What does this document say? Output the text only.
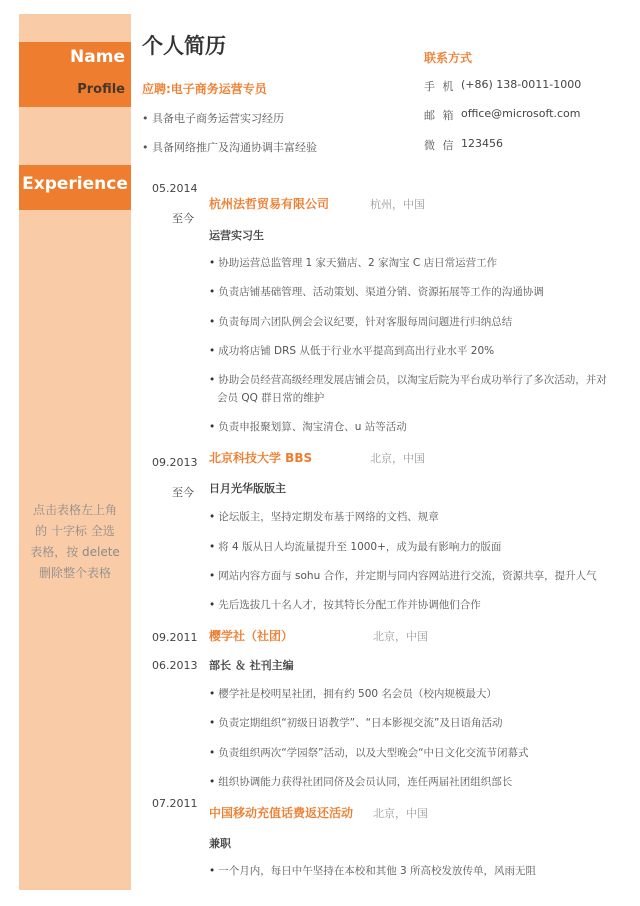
Name
Profile
Experience
点击表格左上角
的 十字标 全选
表格，按 delete
删除整个表格
个人简历
应聘:电子商务运营专员
• 具备电子商务运营实习经历
• 具备网络推广及沟通协调丰富经验
联系方式
手 机 (+86) 138-0011-1000
邮 箱 office@microsoft.com
微 信 123456
05.2014
至今
杭州法哲贸易有限公司	杭州，中国
运营实习生
• 协助运营总监管理 1 家天猫店、2 家淘宝 C 店日常运营工作
• 负责店铺基础管理、活动策划、渠道分销、资源拓展等工作的沟通协调
• 负责每周六团队例会会议纪要，针对客服每周问题进行归纳总结
• 成功将店铺 DRS 从低于行业水平提高到高出行业水平 20%
• 协助会员经营高级经理发展店铺会员，以淘宝后院为平台成功举行了多次活动，并对
会员 QQ 群日常的维护
• 负责申报聚划算、淘宝清仓、u 站等活动
09.2013
至今
北京科技大学 BBS	北京，中国
日月光华版版主
• 论坛版主，坚持定期发布基于网络的文档、规章
• 将 4 版从日人均流量提升至 1000+，成为最有影响力的版面
• 网站内容方面与 sohu 合作，并定期与同内容网站进行交流，资源共享，提升人气
• 先后选拔几十名人才，按其特长分配工作并协调他们合作
09.2011
06.2013
樱学社（社团）	北京，中国
部长 ＆ 社刊主编
• 樱学社是校明星社团，拥有约 500 名会员（校内规模最大）
• 负责定期组织“初级日语教学”、“日本影视交流”及日语角活动
• 负责组织两次“学园祭”活动，以及大型晚会“中日文化交流节闭幕式
• 组织协调能力获得社团同侪及会员认同，连任两届社团组织部长
07.2011
中国移动充值话费返还活动 北京，中国
兼职
• 一个月内，每日中午坚持在本校和其他 3 所高校发放传单，风雨无阻
